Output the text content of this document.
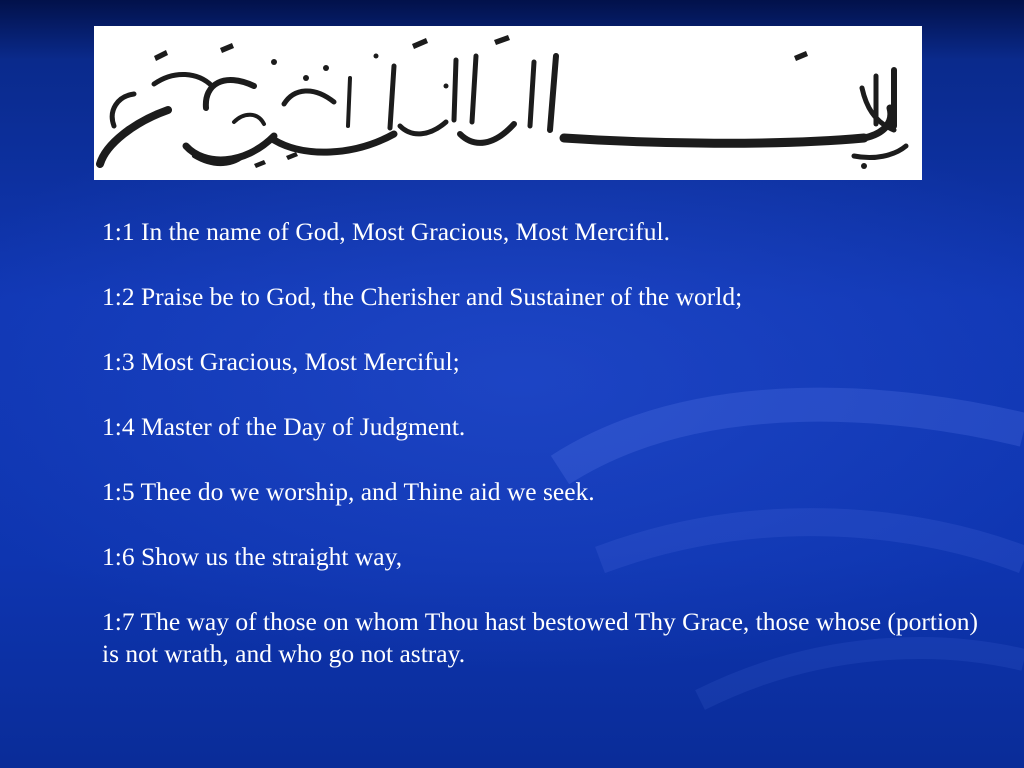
1:1 In the name of God, Most Gracious, Most Merciful.
1:2 Praise be to God, the Cherisher and Sustainer of the world;
1:3 Most Gracious, Most Merciful;
1:4 Master of the Day of Judgment.
1:5 Thee do we worship, and Thine aid we seek.
1:6 Show us the straight way,
1:7 The way of those on whom Thou hast bestowed Thy Grace, those whose (portion) is not wrath, and who go not astray.
